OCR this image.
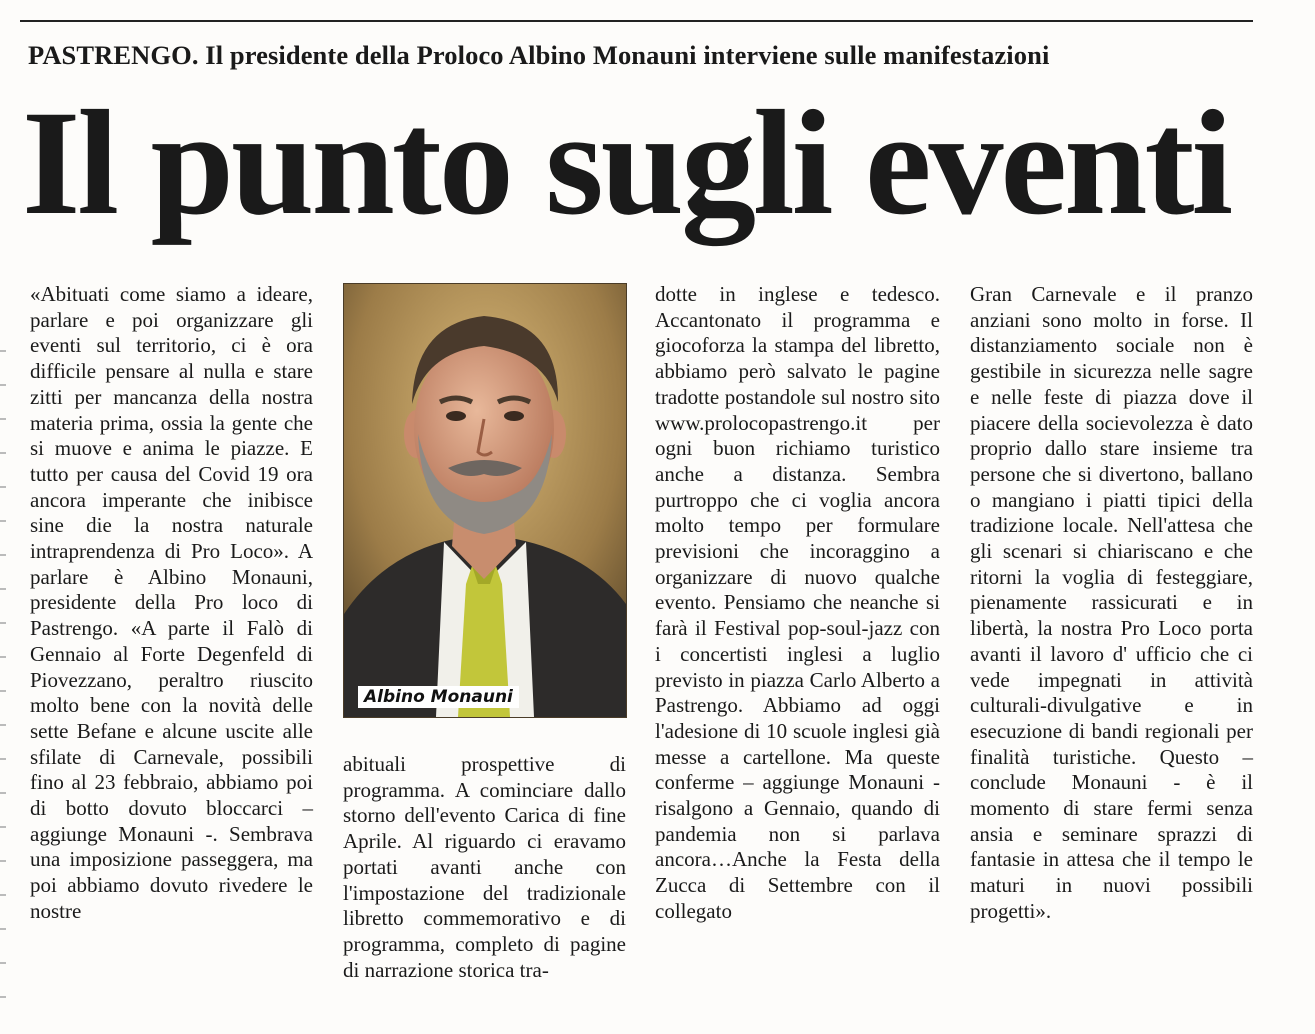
PASTRENGO. Il presidente della Proloco Albino Monauni interviene sulle manifestazioni
Il punto sugli eventi

«Abituati come siamo a ideare, parlare e poi organizzare gli eventi sul territorio, ci è ora difficile pensare al nulla e stare zitti per mancanza della nostra materia prima, ossia la gente che si muove e anima le piazze. E tutto per causa del Covid 19 ora ancora imperante che inibisce sine die la nostra naturale intraprendenza di Pro Loco». A parlare è Albino Monauni, presidente della Pro loco di Pastrengo. «A parte il Falò di Gennaio al Forte Degenfeld di Piovezzano, peraltro riuscito molto bene con la novità delle sette Befane e alcune uscite alle sfilate di Carnevale, possibili fino al 23 febbraio, abbiamo poi di botto dovuto bloccarci – aggiunge Monauni -. Sembrava una imposizione passeggera, ma poi abbiamo dovuto rivedere le nostre

Albino Monauni

abituali prospettive di programma. A cominciare dallo storno dell'evento Carica di fine Aprile. Al riguardo ci eravamo portati avanti anche con l'impostazione del tradizionale libretto commemorativo e di programma, completo di pagine di narrazione storica tra-

dotte in inglese e tedesco. Accantonato il programma e giocoforza la stampa del libretto, abbiamo però salvato le pagine tradotte postandole sul nostro sito www.prolocopastrengo.it per ogni buon richiamo turistico anche a distanza. Sembra purtroppo che ci voglia ancora molto tempo per formulare previsioni che incoraggino a organizzare di nuovo qualche evento. Pensiamo che neanche si farà il Festival pop-soul-jazz con i concertisti inglesi a luglio previsto in piazza Carlo Alberto a Pastrengo. Abbiamo ad oggi l'adesione di 10 scuole inglesi già messe a cartellone. Ma queste conferme – aggiunge Monauni - risalgono a Gennaio, quando di pandemia non si parlava ancora…Anche la Festa della Zucca di Settembre con il collegato

Gran Carnevale e il pranzo anziani sono molto in forse. Il distanziamento sociale non è gestibile in sicurezza nelle sagre e nelle feste di piazza dove il piacere della socievolezza è dato proprio dallo stare insieme tra persone che si divertono, ballano o mangiano i piatti tipici della tradizione locale. Nell'attesa che gli scenari si chiariscano e che ritorni la voglia di festeggiare, pienamente rassicurati e in libertà, la nostra Pro Loco porta avanti il lavoro d' ufficio che ci vede impegnati in attività culturali-divulgative e in esecuzione di bandi regionali per finalità turistiche. Questo – conclude Monauni - è il momento di stare fermi senza ansia e seminare sprazzi di fantasie in attesa che il tempo le maturi in nuovi possibili progetti».
